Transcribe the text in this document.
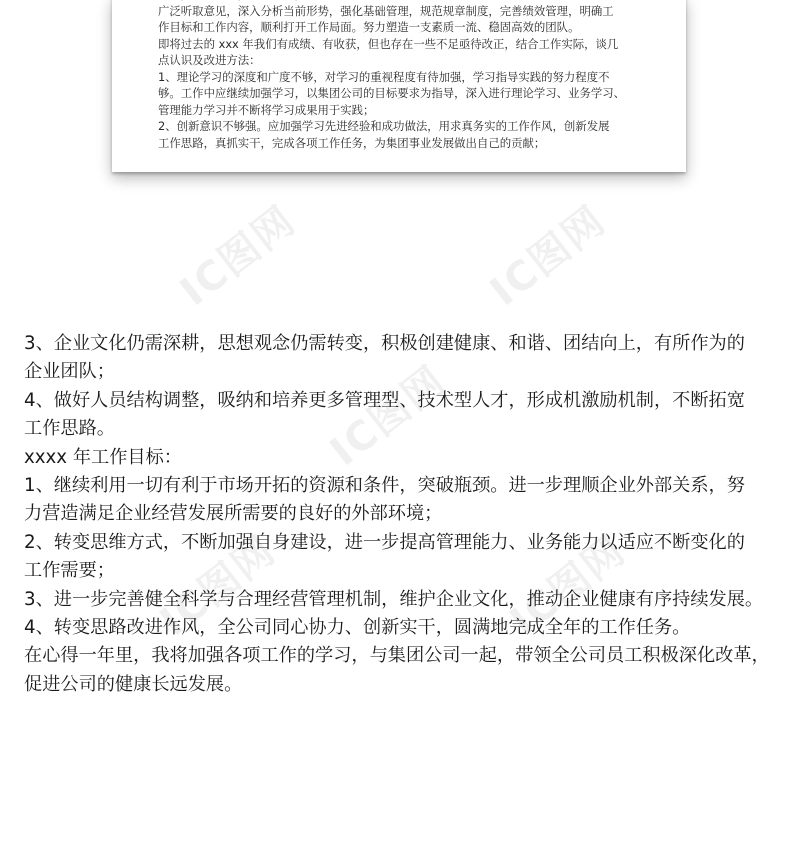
广泛听取意见，深入分析当前形势，强化基础管理，规范规章制度，完善绩效管理，明确工

作目标和工作内容，顺利打开工作局面。努力塑造一支素质一流、稳固高效的团队。

即将过去的 xxx 年我们有成绩、有收获，但也存在一些不足亟待改正，结合工作实际，谈几

点认识及改进方法：

1、理论学习的深度和广度不够，对学习的重视程度有待加强，学习指导实践的努力程度不

够。工作中应继续加强学习，以集团公司的目标要求为指导，深入进行理论学习、业务学习、

管理能力学习并不断将学习成果用于实践；

2、创新意识不够强。应加强学习先进经验和成功做法，用求真务实的工作作风，创新发展

工作思路，真抓实干，完成各项工作任务，为集团事业发展做出自己的贡献；

IC图网	IC图网
IC图网
IC图网	IC图网

3、企业文化仍需深耕，思想观念仍需转变，积极创建健康、和谐、团结向上，有所作为的

企业团队；

4、做好人员结构调整，吸纳和培养更多管理型、技术型人才，形成机激励机制，不断拓宽

工作思路。

xxxx 年工作目标：

1、继续利用一切有利于市场开拓的资源和条件，突破瓶颈。进一步理顺企业外部关系，努

力营造满足企业经营发展所需要的良好的外部环境；

2、转变思维方式，不断加强自身建设，进一步提高管理能力、业务能力以适应不断变化的

工作需要；

3、进一步完善健全科学与合理经营管理机制，维护企业文化，推动企业健康有序持续发展。

4、转变思路改进作风，全公司同心协力、创新实干，圆满地完成全年的工作任务。

在心得一年里，我将加强各项工作的学习，与集团公司一起，带领全公司员工积极深化改革，

促进公司的健康长远发展。
